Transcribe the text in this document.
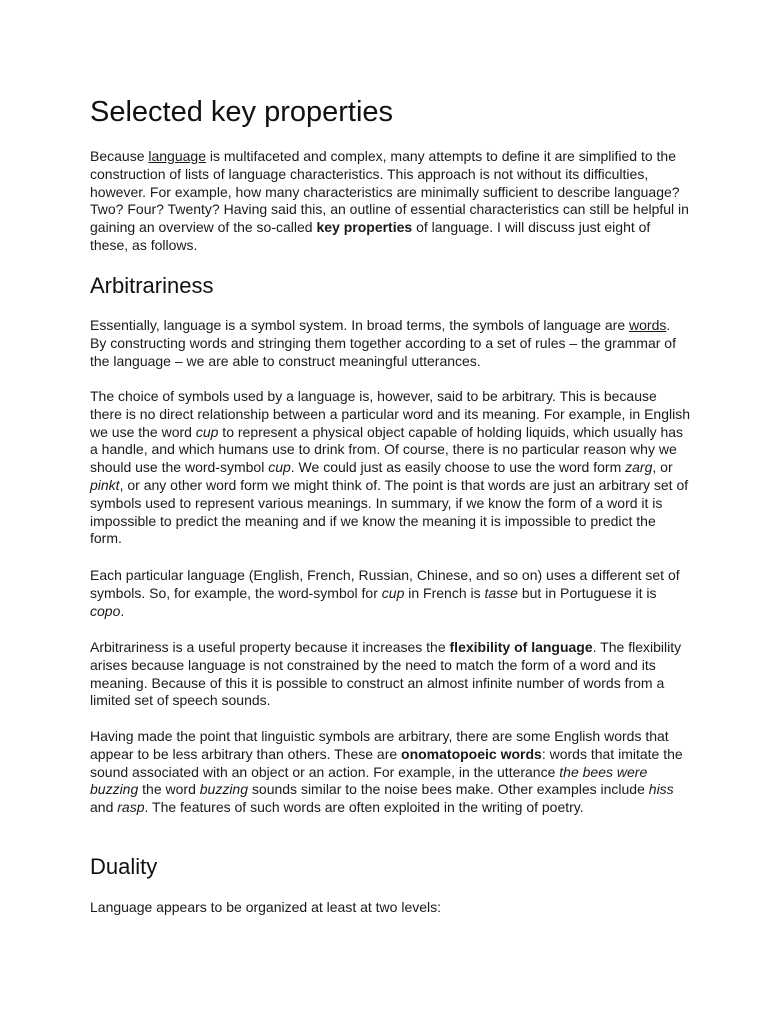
Selected key properties

Because language is multifaceted and complex, many attempts to define it are simplified to the construction of lists of language characteristics. This approach is not without its difficulties, however. For example, how many characteristics are minimally sufficient to describe language? Two? Four? Twenty? Having said this, an outline of essential characteristics can still be helpful in gaining an overview of the so-called key properties of language. I will discuss just eight of these, as follows.

Arbitrariness

Essentially, language is a symbol system. In broad terms, the symbols of language are words. By constructing words and stringing them together according to a set of rules – the grammar of the language – we are able to construct meaningful utterances.

The choice of symbols used by a language is, however, said to be arbitrary. This is because there is no direct relationship between a particular word and its meaning. For example, in English we use the word cup to represent a physical object capable of holding liquids, which usually has a handle, and which humans use to drink from. Of course, there is no particular reason why we should use the word-symbol cup. We could just as easily choose to use the word form zarg, or pinkt, or any other word form we might think of. The point is that words are just an arbitrary set of symbols used to represent various meanings. In summary, if we know the form of a word it is impossible to predict the meaning and if we know the meaning it is impossible to predict the form.

Each particular language (English, French, Russian, Chinese, and so on) uses a different set of symbols. So, for example, the word-symbol for cup in French is tasse but in Portuguese it is copo.

Arbitrariness is a useful property because it increases the flexibility of language. The flexibility arises because language is not constrained by the need to match the form of a word and its meaning. Because of this it is possible to construct an almost infinite number of words from a limited set of speech sounds.

Having made the point that linguistic symbols are arbitrary, there are some English words that appear to be less arbitrary than others. These are onomatopoeic words: words that imitate the sound associated with an object or an action. For example, in the utterance the bees were buzzing the word buzzing sounds similar to the noise bees make. Other examples include hiss and rasp. The features of such words are often exploited in the writing of poetry.

Duality

Language appears to be organized at least at two levels:
